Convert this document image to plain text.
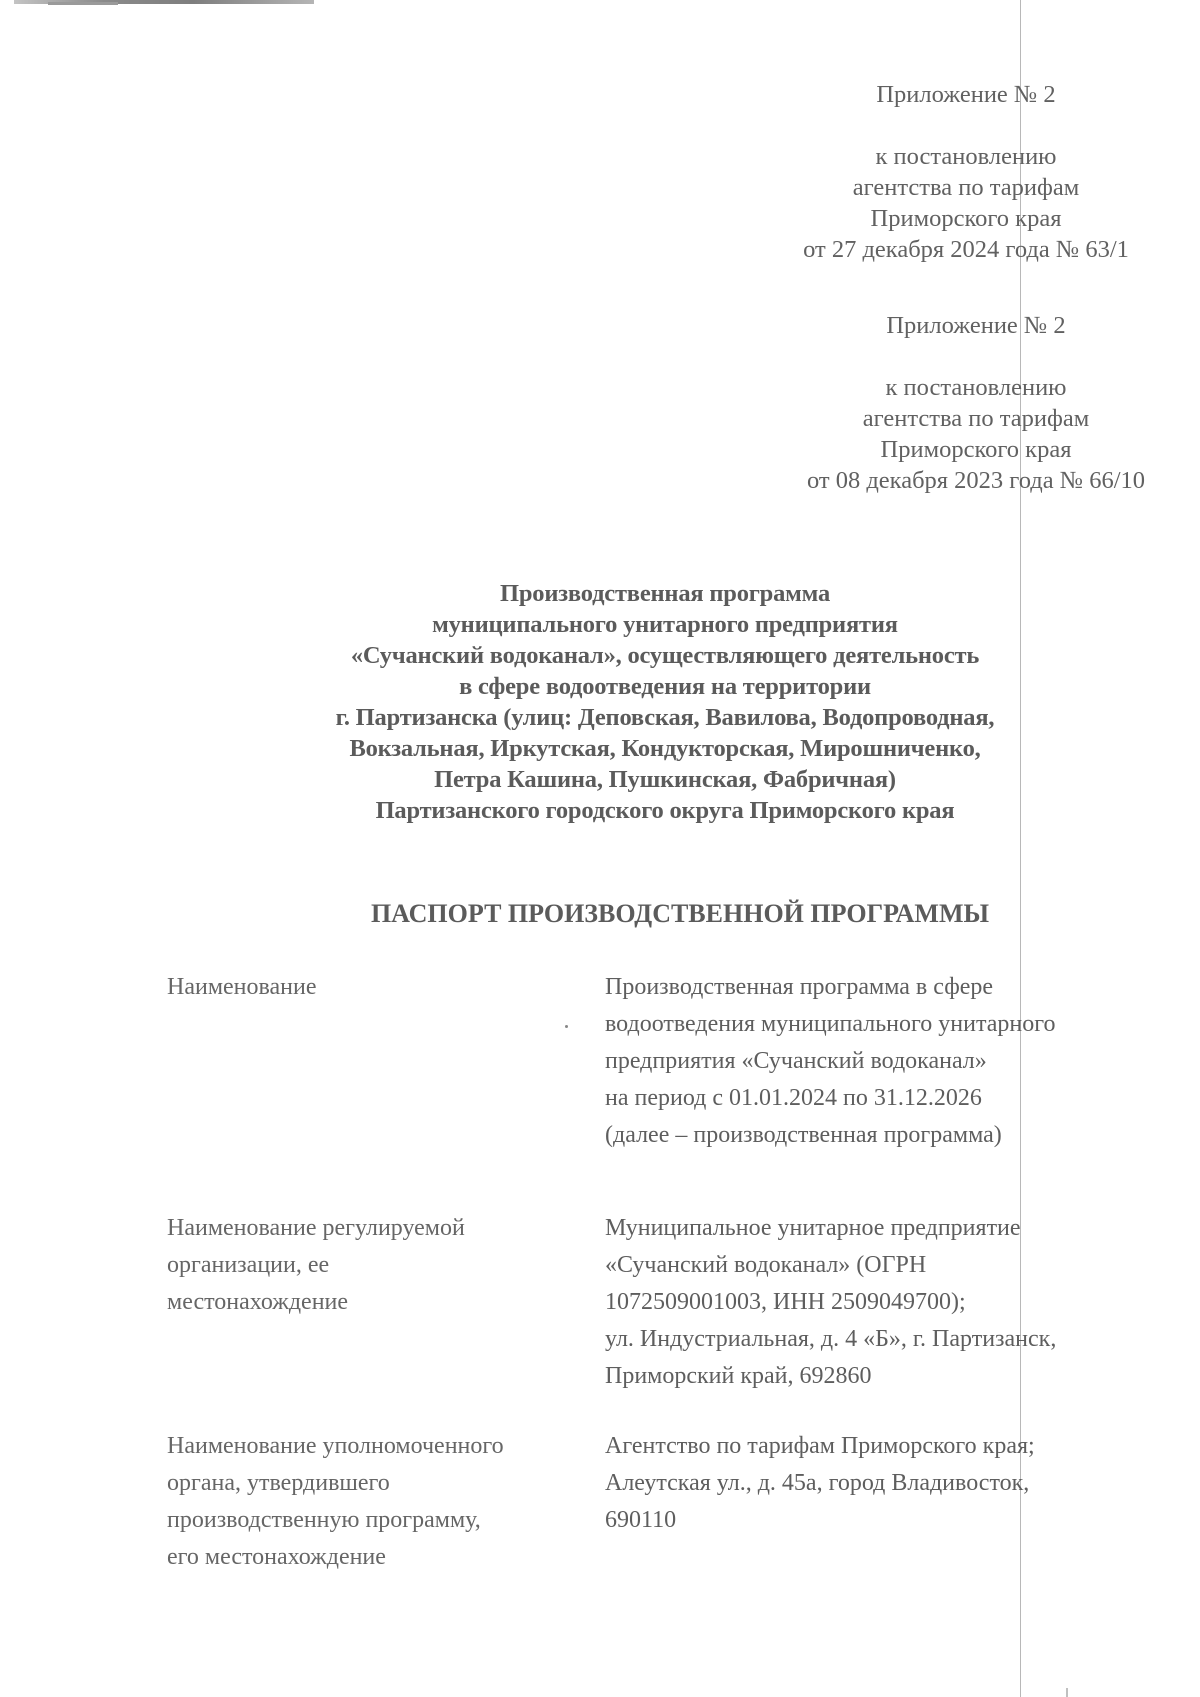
Приложение № 2
к постановлению
агентства по тарифам
Приморского края
от 27 декабря 2024 года № 63/1
Приложение № 2
к постановлению
агентства по тарифам
Приморского края
от 08 декабря 2023 года № 66/10
Производственная программа
муниципального унитарного предприятия
«Сучанский водоканал», осуществляющего деятельность
в сфере водоотведения на территории
г. Партизанска (улиц: Деповская, Вавилова, Водопроводная,
Вокзальная, Иркутская, Кондукторская, Мирошниченко,
Петра Кашина, Пушкинская, Фабричная)
Партизанского городского округа Приморского края
ПАСПОРТ ПРОИЗВОДСТВЕННОЙ ПРОГРАММЫ
Наименование	Производственная программа в сфере
водоотведения муниципального унитарного
предприятия «Сучанский водоканал»
на период с 01.01.2024 по 31.12.2026
(далее – производственная программа)
Наименование регулируемой
организации, ее
местонахождение
Муниципальное унитарное предприятие
«Сучанский водоканал» (ОГРН
1072509001003, ИНН 2509049700);
ул. Индустриальная, д. 4 «Б», г. Партизанск,
Приморский край, 692860
Наименование уполномоченного
органа, утвердившего
производственную программу,
его местонахождение
Агентство по тарифам Приморского края;
Алеутская ул., д. 45а, город Владивосток,
690110
